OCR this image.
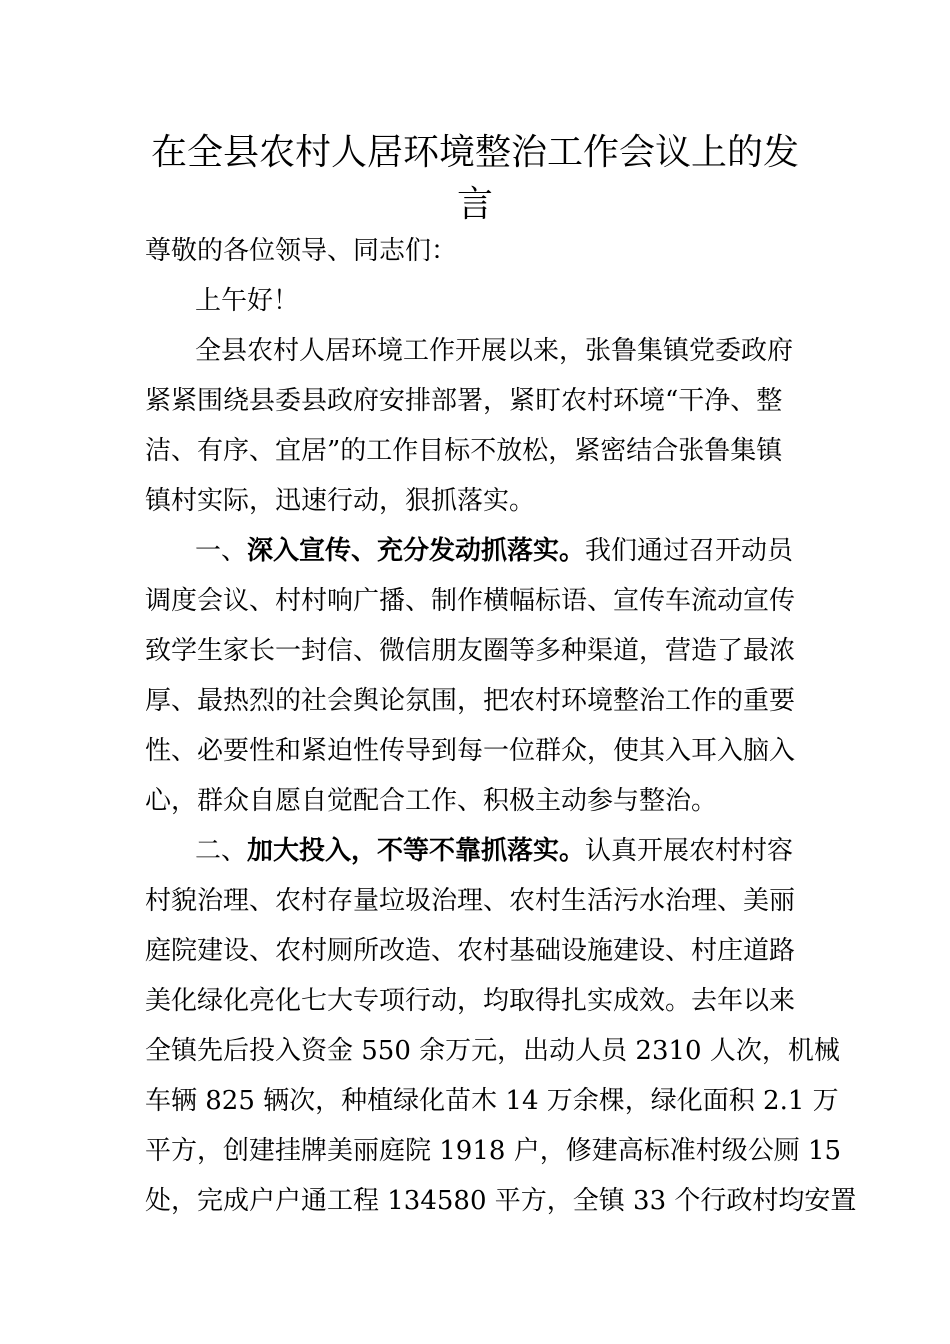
在全县农村人居环境整治工作会议上的发
言

尊敬的各位领导、同志们：

上午好！

全县农村人居环境工作开展以来，张鲁集镇党委政府

紧紧围绕县委县政府安排部署，紧盯农村环境“干净、整

洁、有序、宜居”的工作目标不放松，紧密结合张鲁集镇

镇村实际，迅速行动，狠抓落实。

一、深入宣传、充分发动抓落实。我们通过召开动员

调度会议、村村响广播、制作横幅标语、宣传车流动宣传

致学生家长一封信、微信朋友圈等多种渠道，营造了最浓

厚、最热烈的社会舆论氛围，把农村环境整治工作的重要

性、必要性和紧迫性传导到每一位群众，使其入耳入脑入

心，群众自愿自觉配合工作、积极主动参与整治。

二、加大投入，不等不靠抓落实。认真开展农村村容

村貌治理、农村存量垃圾治理、农村生活污水治理、美丽

庭院建设、农村厕所改造、农村基础设施建设、村庄道路

美化绿化亮化七大专项行动，均取得扎实成效。去年以来

全镇先后投入资金 550 余万元，出动人员 2310 人次，机械

车辆 825 辆次，种植绿化苗木 14 万余棵，绿化面积 2.1 万

平方，创建挂牌美丽庭院 1918 户，修建高标准村级公厕 15

处，完成户户通工程 134580 平方，全镇 33 个行政村均安置
